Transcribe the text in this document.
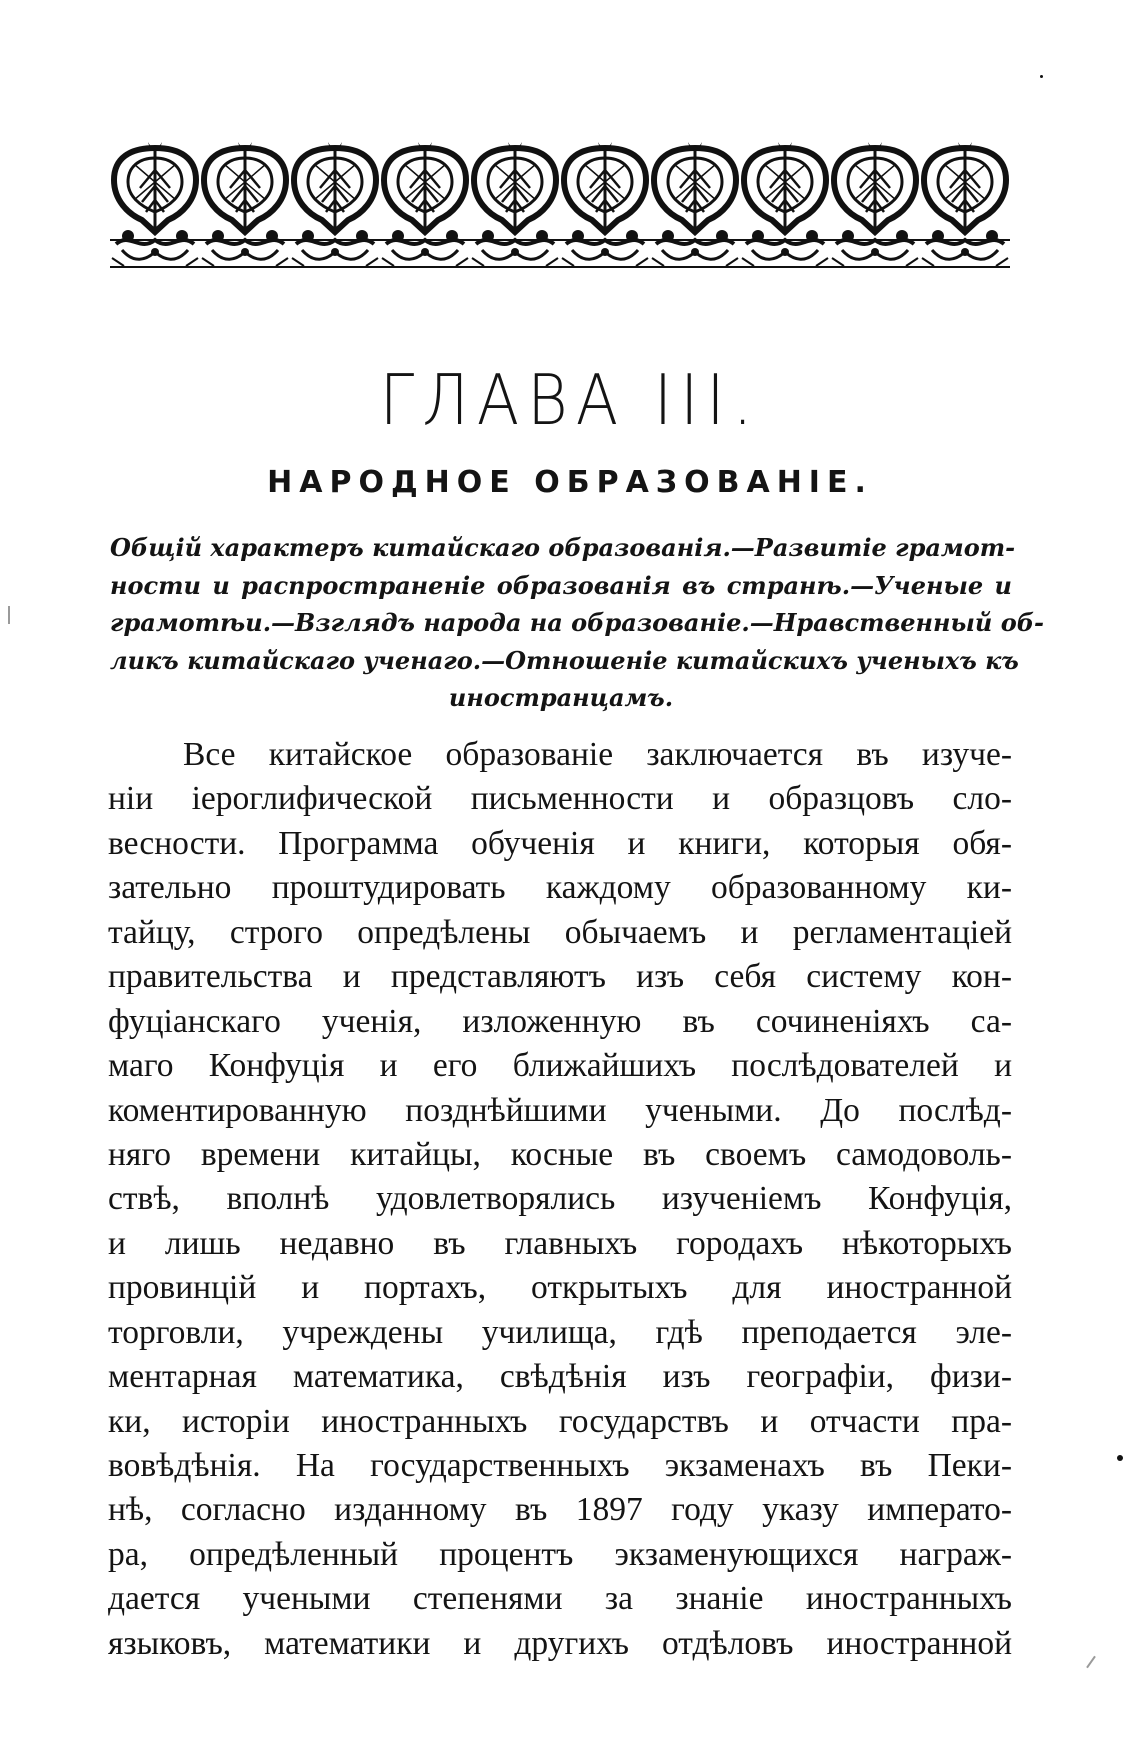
ГЛАВА III.
НАРОДНОЕ ОБРАЗОВАНІЕ.
Общій характеръ китайскаго образованія.—Развитіе грамот-
ности и распространеніе образованія въ странѣ.—Ученые и
грамотѣи.—Взглядъ народа на образованіе.—Нравственный об-
ликъ китайскаго ученаго.—Отношеніе китайскихъ ученыхъ къ
иностранцамъ.
Все китайское образованіе заключается въ изуче-
ніи іероглифической письменности и образцовъ сло-
весности. Программа обученія и книги, которыя обя-
зательно проштудировать каждому образованному ки-
тайцу, строго опредѣлены обычаемъ и регламентаціей
правительства и представляютъ изъ себя систему кон-
фуціанскаго ученія, изложенную въ сочиненіяхъ са-
маго Конфуція и его ближайшихъ послѣдователей и
коментированную позднѣйшими учеными. До послѣд-
няго времени китайцы, косные въ своемъ самодоволь-
ствѣ, вполнѣ удовлетворялись изученіемъ Конфуція,
и лишь недавно въ главныхъ городахъ нѣкоторыхъ
провинцій и портахъ, открытыхъ для иностранной
торговли, учреждены училища, гдѣ преподается эле-
ментарная математика, свѣдѣнія изъ географіи, физи-
ки, исторіи иностранныхъ государствъ и отчасти пра-
вовѣдѣнія. На государственныхъ экзаменахъ въ Пеки-
нѣ, согласно изданному въ 1897 году указу императо-
ра, опредѣленный процентъ экзаменующихся награж-
дается учеными степенями за знаніе иностранныхъ
языковъ, математики и другихъ отдѣловъ иностранной
